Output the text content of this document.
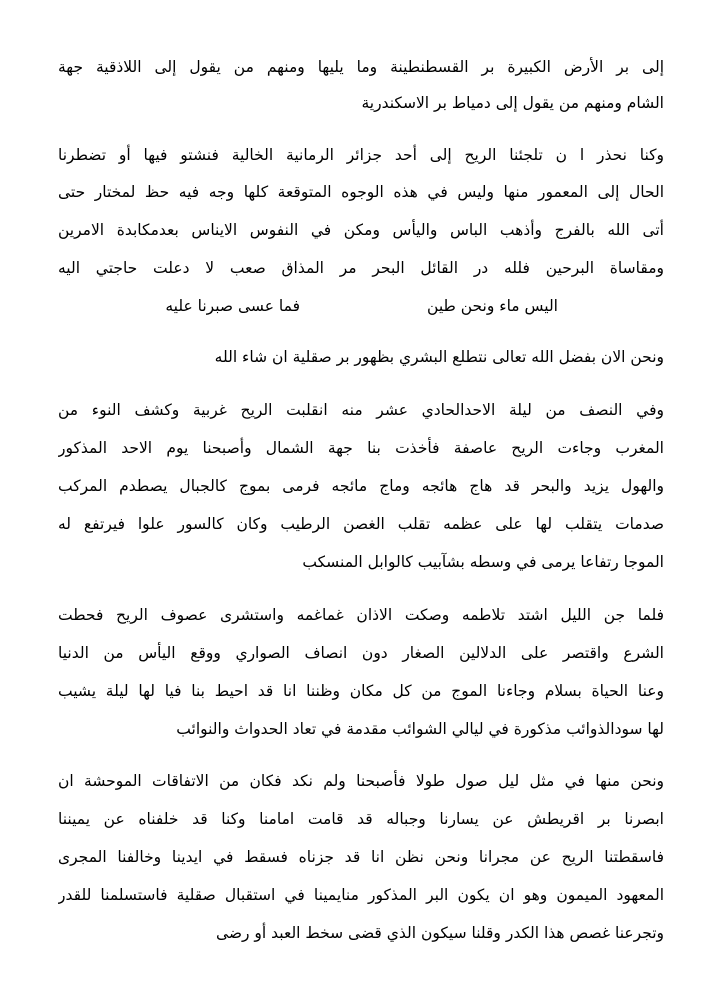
إلى بر الأرض الكبيرة بر القسطنطينة وما يليها ومنهم من يقول إلى اللاذقية جهة
الشام ومنهم من يقول إلى دمياط بر الاسكندرية
وكنا نحذر ا ن تلجئنا الريح إلى أحد جزائر الرمانية الخالية فنشتو فيها أو تضطرنا
الحال إلى المعمور منها وليس في هذه الوجوه المتوقعة كلها وجه فيه حظ لمختار حتى
أتى الله بالفرج وأذهب الباس واليأس ومكن في النفوس الايناس بعدمكابدة الامرين
ومقاساة البرحين فلله در القائل البحر مر المذاق صعب لا دعلت حاجتي اليه
اليس ماء ونحن طين
فما عسى صبرنا عليه
ونحن الان بفضل الله تعالى نتطلع البشري بظهور بر صقلية ان شاء الله
وفي النصف من ليلة الاحدالحادي عشر منه انقلبت الريح غربية وكشف النوء من
المغرب وجاءت الريح عاصفة فأخذت بنا جهة الشمال وأصبحنا يوم الاحد المذكور
والهول يزيد والبحر قد هاج هائجه وماج مائجه فرمى بموج كالجبال يصطدم المركب
صدمات يتقلب لها على عظمه تقلب الغصن الرطيب وكان كالسور علوا فيرتفع له
الموجا رتفاعا يرمى في وسطه بشآبيب كالوابل المنسكب
فلما جن الليل اشتد تلاطمه وصكت الاذان غماغمه واستشرى عصوف الريح فحطت
الشرع واقتصر على الدلالين الصغار دون انصاف الصواري ووقع اليأس من الدنيا
وعنا الحياة بسلام وجاءنا الموج من كل مكان وظننا انا قد احيط بنا فيا لها ليلة يشيب
لها سودالذوائب مذكورة في ليالي الشوائب مقدمة في تعاد الحدواث والنوائب
ونحن منها في مثل ليل صول طولا فأصبحنا ولم نكد فكان من الاتفاقات الموحشة ان
ابصرنا بر اقريطش عن يسارنا وجباله قد قامت امامنا وكنا قد خلفناه عن يميننا
فاسقطتنا الريح عن مجرانا ونحن نظن انا قد جزناه فسقط في ايدينا وخالفنا المجرى
المعهود الميمون وهو ان يكون البر المذكور منايمينا في استقبال صقلية فاستسلمنا للقدر
وتجرعنا غصص هذا الكدر وقلنا سيكون الذي قضى سخط العبد أو رضى
